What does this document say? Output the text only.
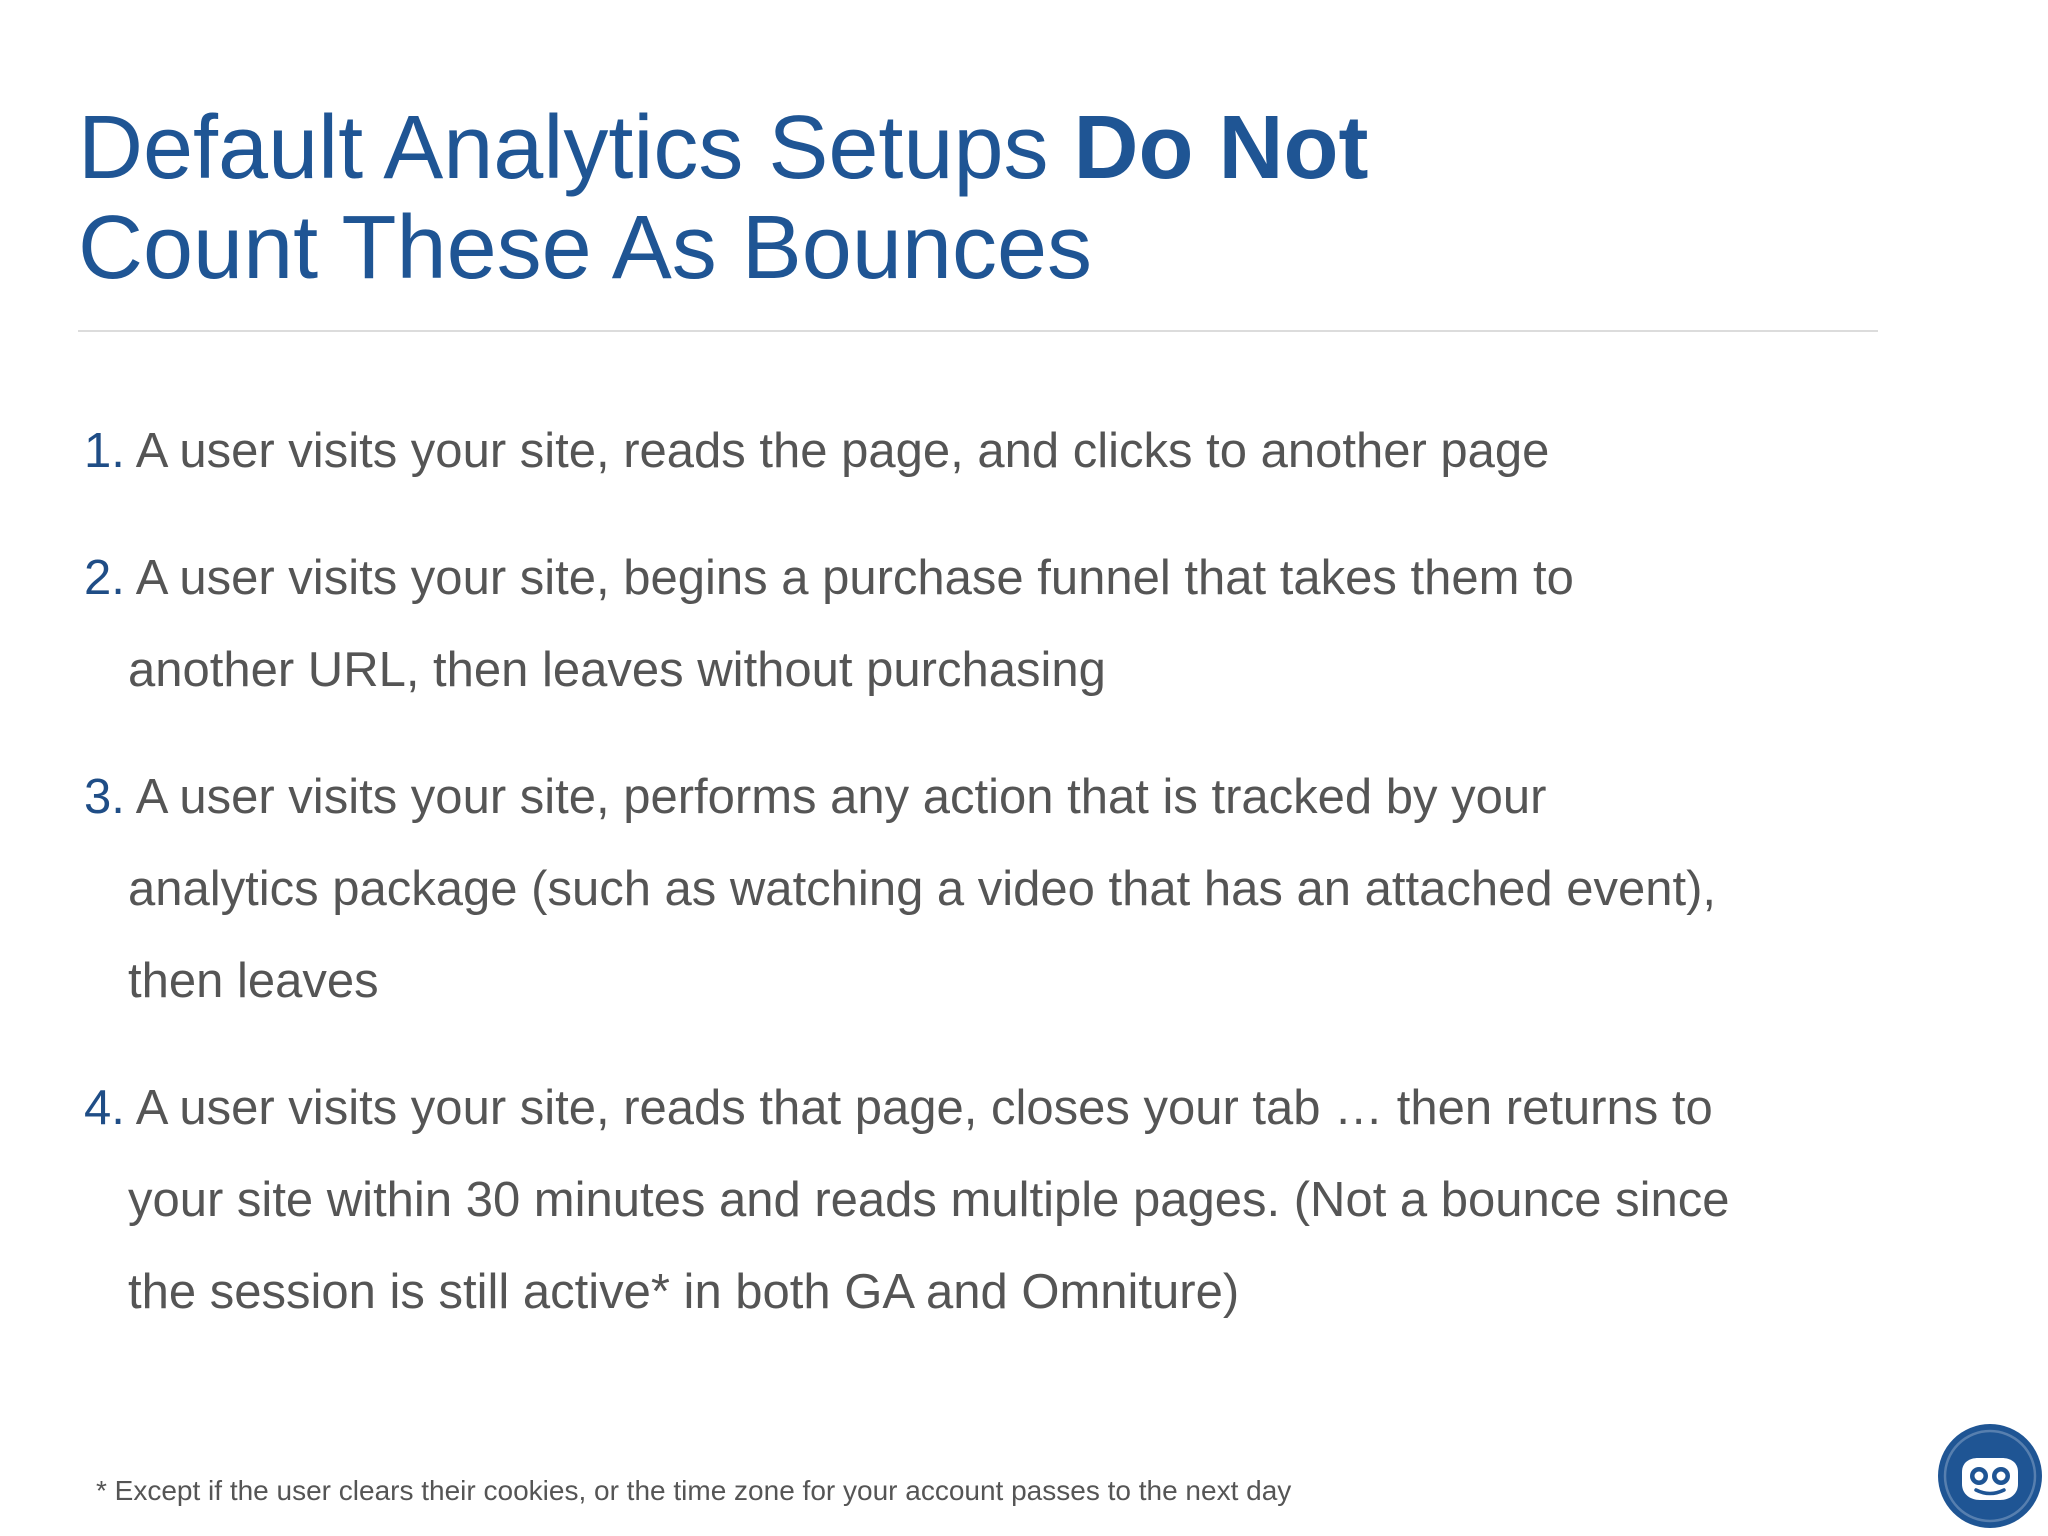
Default Analytics Setups Do Not
Count These As Bounces
1. A user visits your site, reads the page, and clicks to another page
2. A user visits your site, begins a purchase funnel that takes them to
another URL, then leaves without purchasing
3. A user visits your site, performs any action that is tracked by your
analytics package (such as watching a video that has an attached event),
then leaves
4. A user visits your site, reads that page, closes your tab … then returns to
your site within 30 minutes and reads multiple pages. (Not a bounce since
the session is still active* in both GA and Omniture)

* Except if the user clears their cookies, or the time zone for your account passes to the next day
